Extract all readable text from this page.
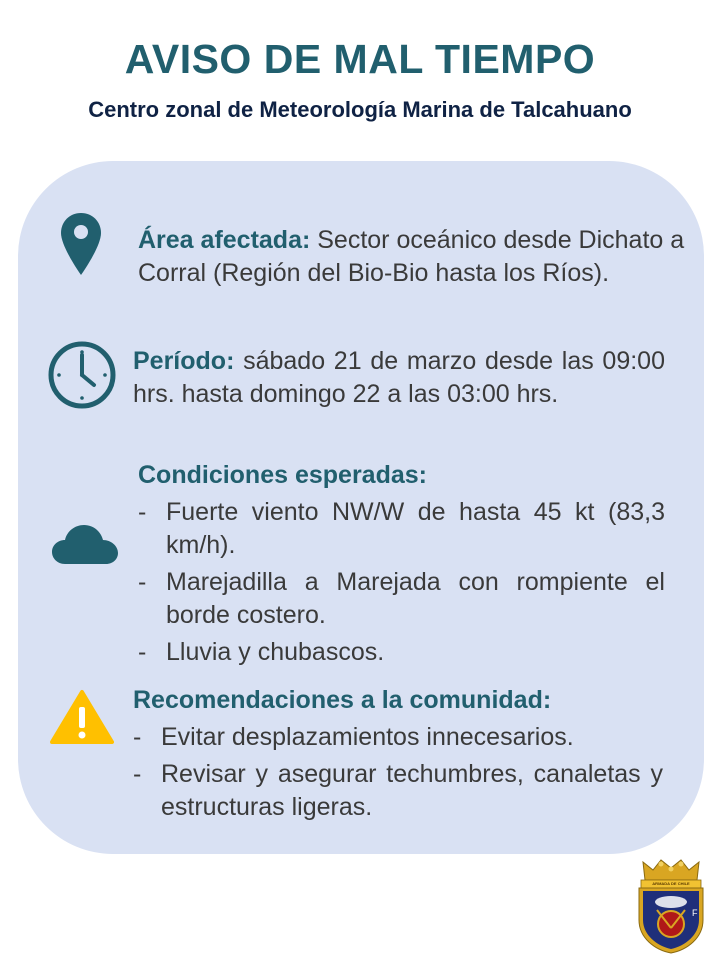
AVISO DE MAL TIEMPO
Centro zonal de Meteorología Marina de Talcahuano
Área afectada: Sector oceánico desde Dichato a Corral (Región del Bio-Bio hasta los Ríos).
Período: sábado 21 de marzo desde las 09:00 hrs. hasta domingo 22 a las 03:00 hrs.
Condiciones esperadas:
- Fuerte viento NW/W de hasta 45 kt (83,3 km/h).
- Marejadilla a Marejada con rompiente el borde costero.
- Lluvia y chubascos.
Recomendaciones a la comunidad:
- Evitar desplazamientos innecesarios.
- Revisar y asegurar techumbres, canaletas y estructuras ligeras.
F
ARMADA DE CHILE
